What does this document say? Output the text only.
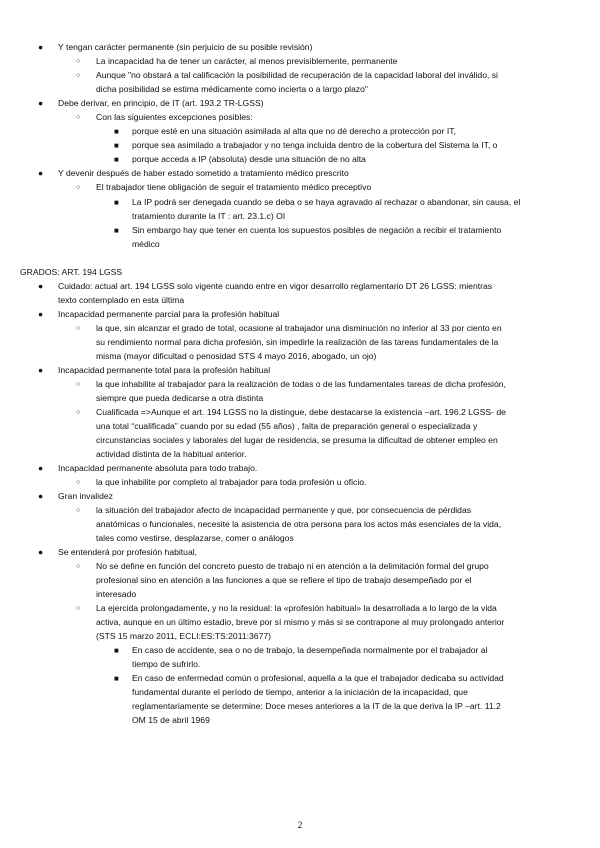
● Y tengan carácter permanente (sin perjuicio de su posible revisión)
○ La incapacidad ha de tener un carácter, al menos previsiblemente, permanente
○ Aunque "no obstará a tal calificación la posibilidad de recuperación de la capacidad laboral del inválido, si
dicha posibilidad se estima médicamente como incierta o a largo plazo"
● Debe derivar, en principio, de IT (art. 193.2 TR-LGSS)
○ Con las siguientes excepciones posibles:
■ porque esté en una situación asimilada al alta que no dé derecho a protección por IT,
■ porque sea asimilado a trabajador y no tenga incluida dentro de la cobertura del Sistema la IT, o
■ porque acceda a IP (absoluta) desde una situación de no alta
● Y devenir después de haber estado sometido a tratamiento médico prescrito
○ El trabajador tiene obligación de seguir el tratamiento médico preceptivo
■ La IP podrá ser denegada cuando se deba o se haya agravado al rechazar o abandonar, sin causa, el
tratamiento durante la IT : art. 23.1.c) OI
■ Sin embargo hay que tener en cuenta los supuestos posibles de negación a recibir el tratamiento
médico
GRADOS: ART. 194 LGSS
● Cuidado: actual art. 194 LGSS solo vigente cuando entre en vigor desarrollo reglamentario DT 26 LGSS: mientras
texto contemplado en esta última
● Incapacidad permanente parcial para la profesión habitual
○ la que, sin alcanzar el grado de total, ocasione al trabajador una disminución no inferior al 33 por ciento en
su rendimiento normal para dicha profesión, sin impedirle la realización de las tareas fundamentales de la
misma (mayor dificultad o penosidad STS 4 mayo 2016, abogado, un ojo)
● Incapacidad permanente total para la profesión habitual
○ la que inhabilite al trabajador para la realización de todas o de las fundamentales tareas de dicha profesión,
siempre que pueda dedicarse a otra distinta
○ Cualificada =>Aunque el art. 194 LGSS no la distingue, debe destacarse la existencia –art. 196.2 LGSS- de
una total “cualificada” cuando por su edad (55 años) , falta de preparación general o especializada y
circunstancias sociales y laborales del lugar de residencia, se presuma la dificultad de obtener empleo en
actividad distinta de la habitual anterior.
● Incapacidad permanente absoluta para todo trabajo.
○ la que inhabilite por completo al trabajador para toda profesión u oficio.
● Gran invalidez
○ la situación del trabajador afecto de incapacidad permanente y que, por consecuencia de pérdidas
anatómicas o funcionales, necesite la asistencia de otra persona para los actos más esenciales de la vida,
tales como vestirse, desplazarse, comer o análogos
● Se entenderá por profesión habitual,
○ No se define en función del concreto puesto de trabajo ni en atención a la delimitación formal del grupo
profesional sino en atención a las funciones a que se refiere el tipo de trabajo desempeñado por el
interesado
○ La ejercida prolongadamente, y no la residual: la «profesión habitual» la desarrollada a lo largo de la vida
activa, aunque en un último estadio, breve por sí mismo y más si se contrapone al muy prolongado anterior
(STS 15 marzo 2011, ECLI:ES:TS:2011:3677)
■ En caso de accidente, sea o no de trabajo, la desempeñada normalmente por el trabajador al
tiempo de sufrirlo.
■ En caso de enfermedad común o profesional, aquella a la que el trabajador dedicaba su actividad
fundamental durante el período de tiempo, anterior a la iniciación de la incapacidad, que
reglamentariamente se determine: Doce meses anteriores a la IT de la que deriva la IP –art. 11.2
OM 15 de abril 1969
2
